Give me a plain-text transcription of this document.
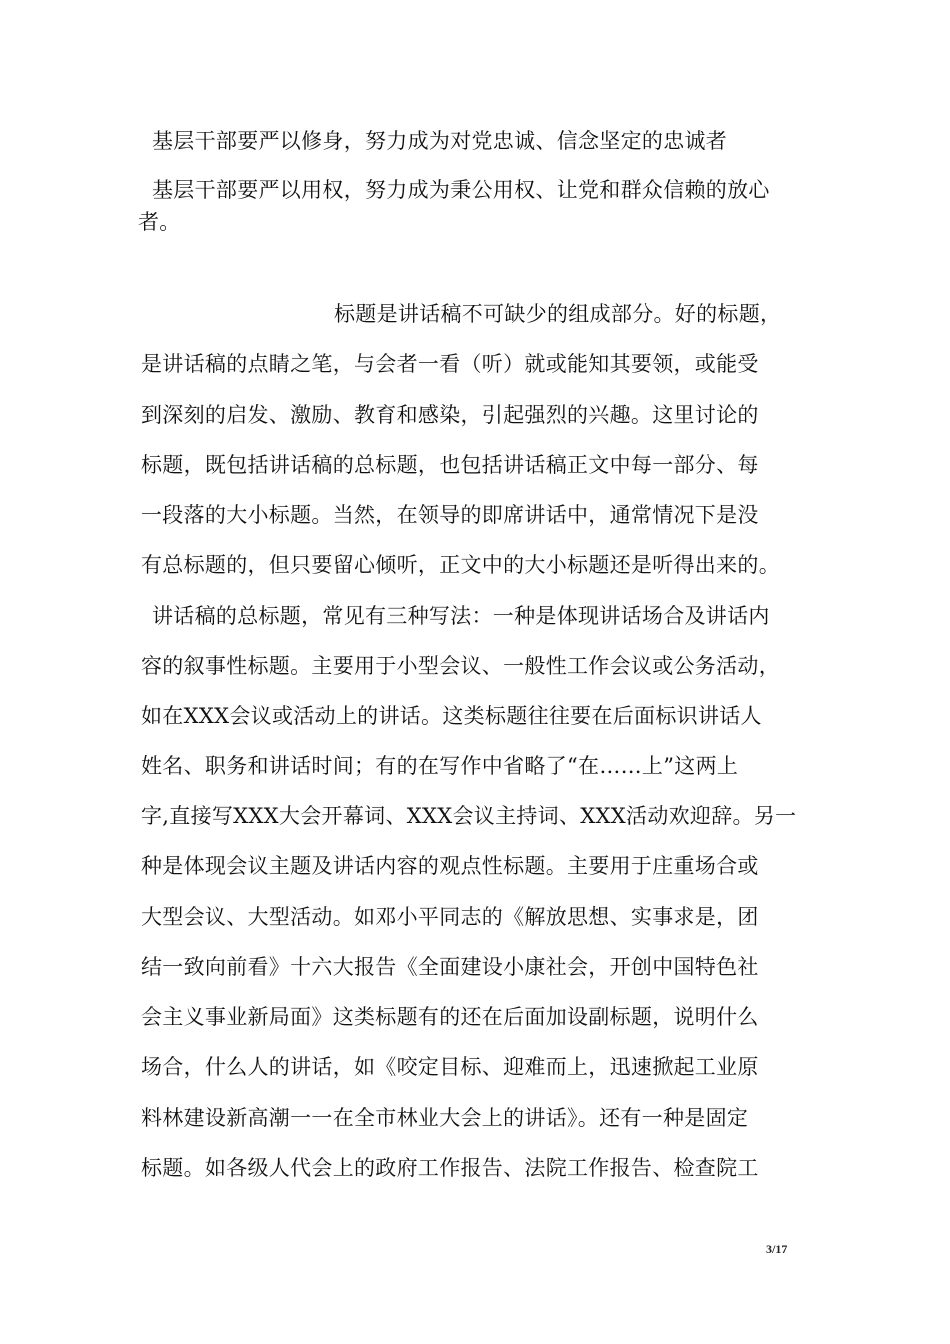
基层干部要严以修身，努力成为对党忠诚、信念坚定的忠诚者
基层干部要严以用权，努力成为秉公用权、让党和群众信赖的放心
者。
标题是讲话稿不可缺少的组成部分。好的标题，
是讲话稿的点睛之笔，与会者一看（听）就或能知其要领，或能受
到深刻的启发、激励、教育和感染，引起强烈的兴趣。这里讨论的
标题，既包括讲话稿的总标题，也包括讲话稿正文中每一部分、每
一段落的大小标题。当然，在领导的即席讲话中，通常情况下是没
有总标题的，但只要留心倾听，正文中的大小标题还是听得出来的。
讲话稿的总标题，常见有三种写法：一种是体现讲话场合及讲话内
容的叙事性标题。主要用于小型会议、一般性工作会议或公务活动，
如在XXX会议或活动上的讲话。这类标题往往要在后面标识讲话人
姓名、职务和讲话时间；有的在写作中省略了“在……上”这两上
字,直接写XXX大会开幕词、XXX会议主持词、XXX活动欢迎辞。另一
种是体现会议主题及讲话内容的观点性标题。主要用于庄重场合或
大型会议、大型活动。如邓小平同志的《解放思想、实事求是，团
结一致向前看》十六大报告《全面建设小康社会，开创中国特色社
会主义事业新局面》这类标题有的还在后面加设副标题，说明什么
场合，什么人的讲话，如《咬定目标、迎难而上，迅速掀起工业原
料林建设新高潮一一在全市林业大会上的讲话》。还有一种是固定
标题。如各级人代会上的政府工作报告、法院工作报告、检查院工
3/17
